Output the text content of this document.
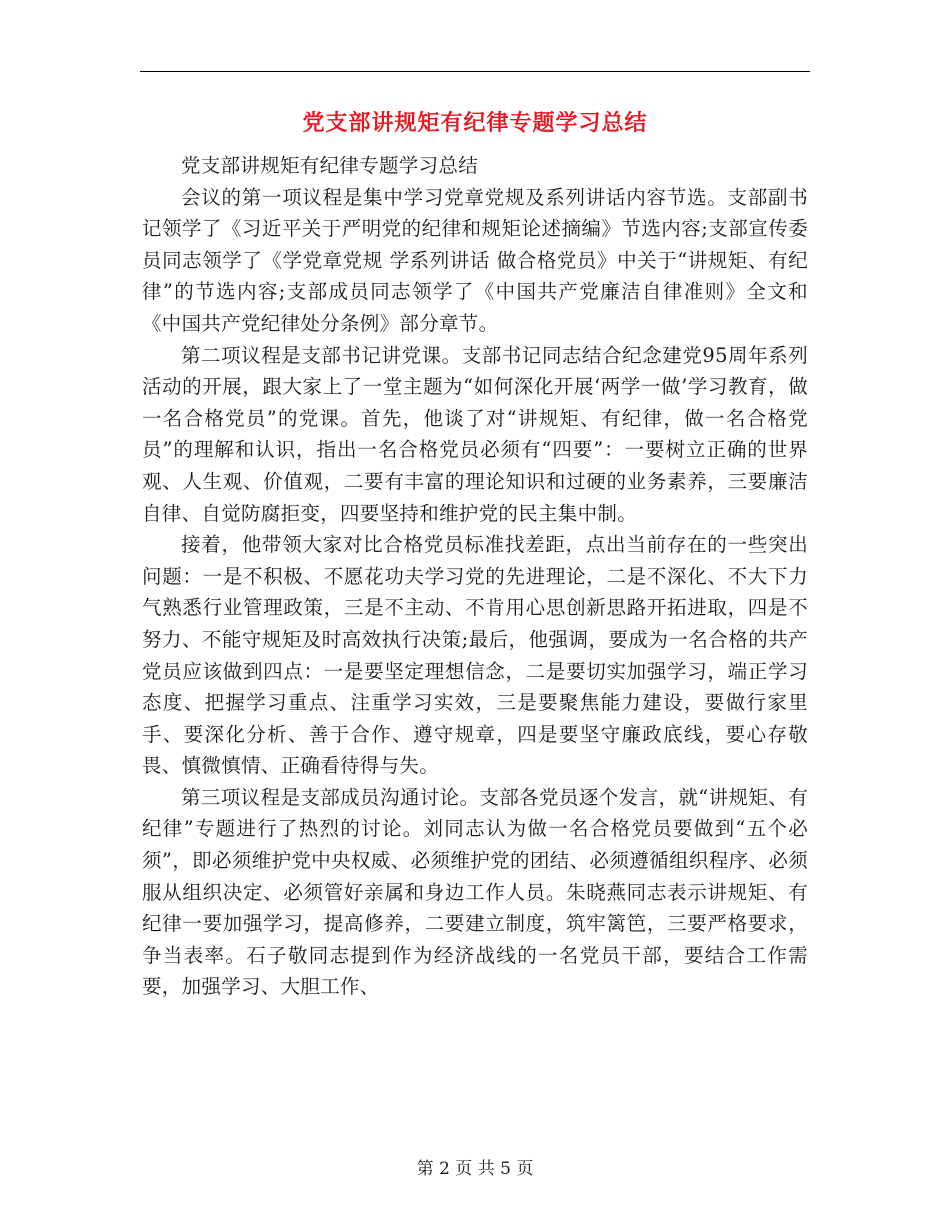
党支部讲规矩有纪律专题学习总结

党支部讲规矩有纪律专题学习总结

会议的第一项议程是集中学习党章党规及系列讲话内容节选。支部副书记领学了《习近平关于严明党的纪律和规矩论述摘编》节选内容;支部宣传委员同志领学了《学党章党规 学系列讲话 做合格党员》中关于“讲规矩、有纪律”的节选内容;支部成员同志领学了《中国共产党廉洁自律准则》全文和《中国共产党纪律处分条例》部分章节。

第二项议程是支部书记讲党课。支部书记同志结合纪念建党95周年系列活动的开展，跟大家上了一堂主题为“如何深化开展‘两学一做’学习教育，做一名合格党员”的党课。首先，他谈了对“讲规矩、有纪律，做一名合格党员”的理解和认识，指出一名合格党员必须有“四要”：一要树立正确的世界观、人生观、价值观，二要有丰富的理论知识和过硬的业务素养，三要廉洁自律、自觉防腐拒变，四要坚持和维护党的民主集中制。

接着，他带领大家对比合格党员标准找差距，点出当前存在的一些突出问题：一是不积极、不愿花功夫学习党的先进理论，二是不深化、不大下力气熟悉行业管理政策，三是不主动、不肯用心思创新思路开拓进取，四是不努力、不能守规矩及时高效执行决策;最后，他强调，要成为一名合格的共产党员应该做到四点：一是要坚定理想信念，二是要切实加强学习，端正学习态度、把握学习重点、注重学习实效，三是要聚焦能力建设，要做行家里手、要深化分析、善于合作、遵守规章，四是要坚守廉政底线，要心存敬畏、慎微慎情、正确看待得与失。

第三项议程是支部成员沟通讨论。支部各党员逐个发言，就“讲规矩、有纪律”专题进行了热烈的讨论。刘同志认为做一名合格党员要做到“五个必须”，即必须维护党中央权威、必须维护党的团结、必须遵循组织程序、必须服从组织决定、必须管好亲属和身边工作人员。朱晓燕同志表示讲规矩、有纪律一要加强学习，提高修养，二要建立制度，筑牢篱笆，三要严格要求，争当表率。石子敬同志提到作为经济战线的一名党员干部，要结合工作需要，加强学习、大胆工作、

第 2 页 共 5 页
